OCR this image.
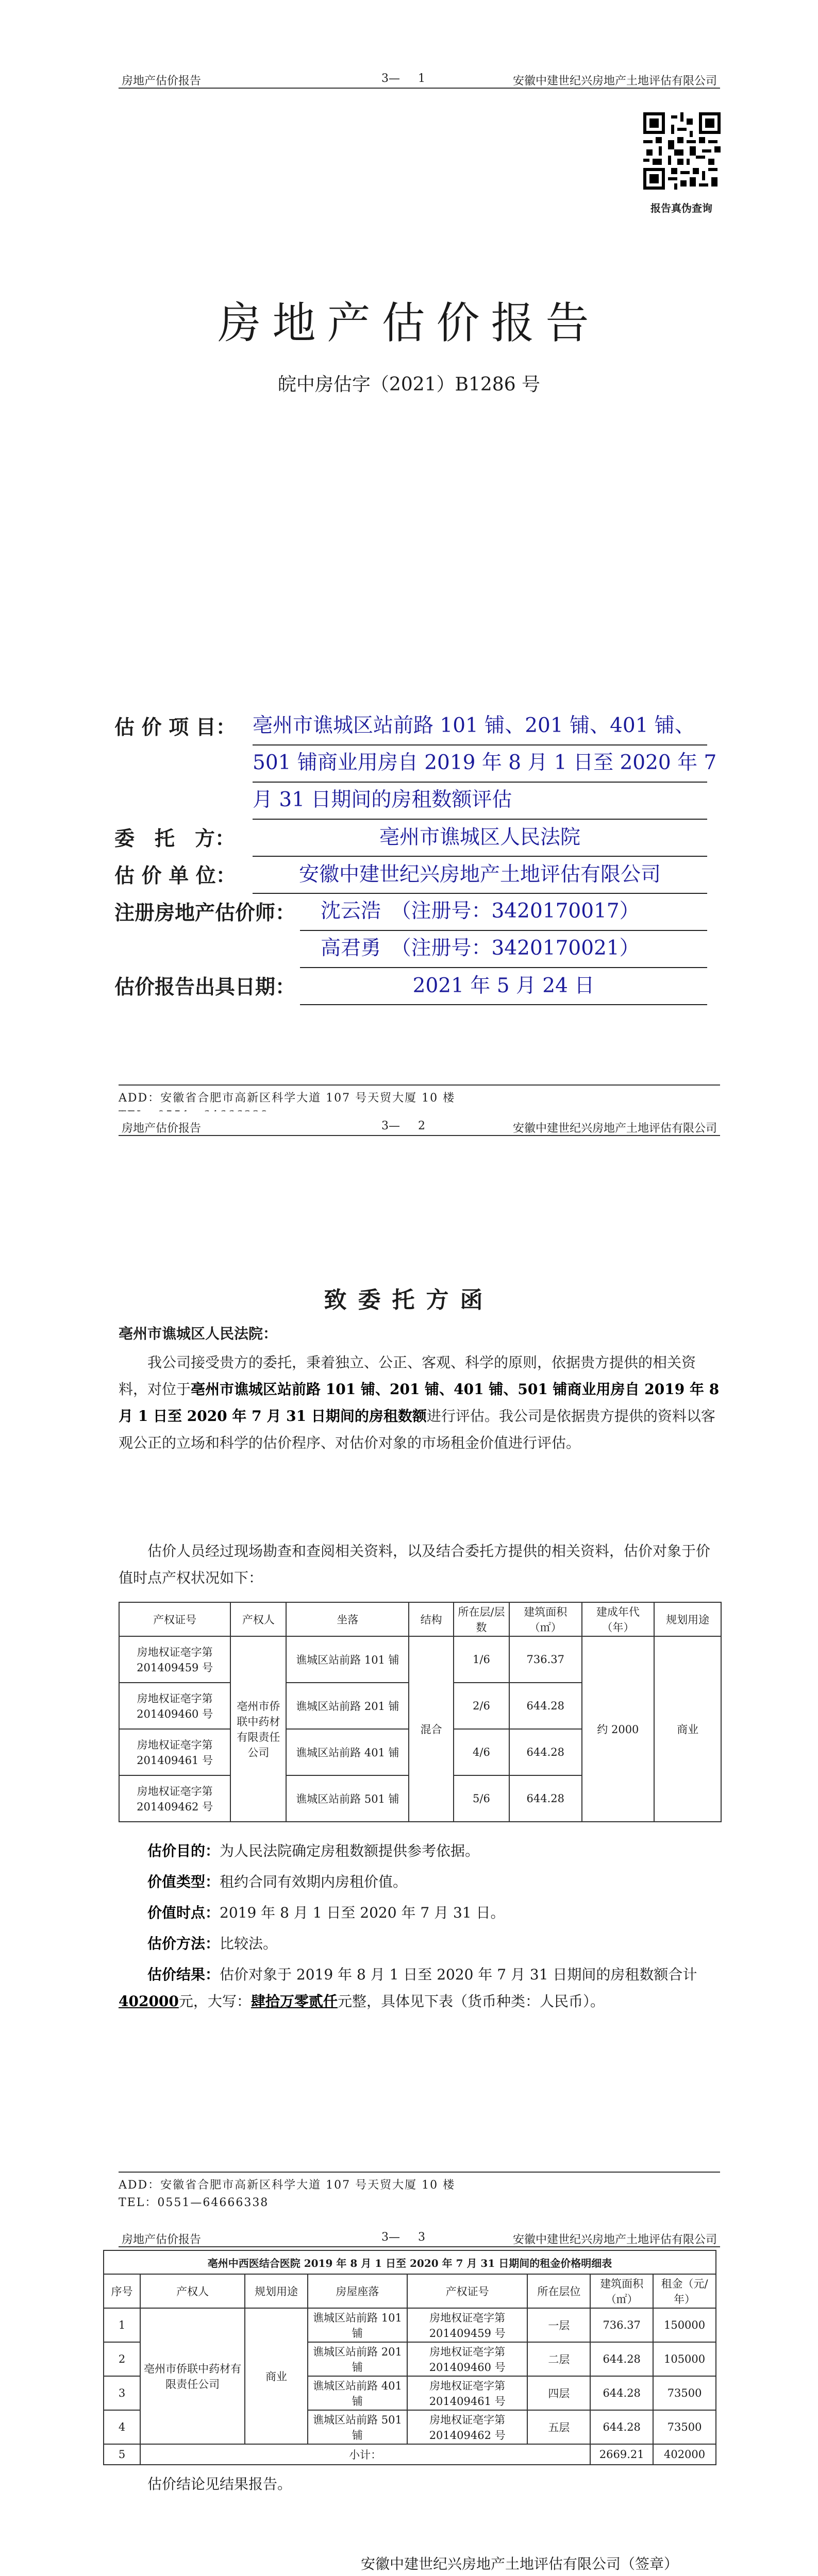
房地产估价报告	3— 1	安徽中建世纪兴房地产土地评估有限公司
报告真伪查询
房地产估价报告
皖中房估字（2021）B1286 号
估 价 项 目： 亳州市谯城区站前路 101 铺、201 铺、401 铺、
501 铺商业用房自 2019 年 8 月 1 日至 2020 年 7
月 31 日期间的房租数额评估
委　托　方：	亳州市谯城区人民法院
估 价 单 位：	安徽中建世纪兴房地产土地评估有限公司
注册房地产估价师：	沈云浩　（注册号：3420170017）
高君勇　（注册号：3420170021）
估价报告出具日期：	2021 年 5 月 24 日
ADD：安徽省合肥市高新区科学大道 107 号天贸大厦 10 楼
房地产估价报告	3— 2	安徽中建世纪兴房地产土地评估有限公司
致委托方函
亳州市谯城区人民法院：
我公司接受贵方的委托，秉着独立、公正、客观、科学的原则，依据贵方提供的相关资料，对位于亳州市谯城区站前路 101 铺、201 铺、401 铺、501 铺商业用房自 2019 年 8 月 1 日至 2020 年 7 月 31 日期间的房租数额进行评估。我公司是依据贵方提供的资料以客观公正的立场和科学的估价程序、对估价对象的市场租金价值进行评估。
估价人员经过现场勘查和查阅相关资料，以及结合委托方提供的相关资料，估价对象于价值时点产权状况如下：
产权证号	产权人	坐落	结构	所在层/层数	建筑面积（㎡）	建成年代（年）	规划用途
房地权证亳字第 201409459 号	亳州市侨联中药材有限责任公司	谯城区站前路 101 铺	混合	1/6	736.37	约 2000	商业
房地权证亳字第 201409460 号		谯城区站前路 201 铺		2/6	644.28		
房地权证亳字第 201409461 号		谯城区站前路 401 铺		4/6	644.28		
房地权证亳字第 201409462 号		谯城区站前路 501 铺		5/6	644.28		
估价目的：为人民法院确定房租数额提供参考依据。
价值类型：租约合同有效期内房租价值。
价值时点：2019 年 8 月 1 日至 2020 年 7 月 31 日。
估价方法：比较法。
估价结果：估价对象于 2019 年 8 月 1 日至 2020 年 7 月 31 日期间的房租数额合计402000元，大写：肆拾万零贰仟元整，具体见下表（货币种类：人民币）。
ADD：安徽省合肥市高新区科学大道 107 号天贸大厦 10 楼
TEL：0551—64666338
房地产估价报告	3— 3	安徽中建世纪兴房地产土地评估有限公司
亳州中西医结合医院 2019 年 8 月 1 日至 2020 年 7 月 31 日期间的租金价格明细表							
序号	产权人	规划用途	房屋座落	产权证号	所在层位	建筑面积（㎡）	租金（元/年）
1	亳州市侨联中药材有限责任公司	商业	谯城区站前路 101 铺	房地权证亳字第 201409459 号	一层	736.37	150000
2			谯城区站前路 201 铺	房地权证亳字第 201409460 号	二层	644.28	105000
3			谯城区站前路 401 铺	房地权证亳字第 201409461 号	四层	644.28	73500
4			谯城区站前路 501 铺	房地权证亳字第 201409462 号	五层	644.28	73500
5	小计：					2669.21	402000
估价结论见结果报告。
安徽中建世纪兴房地产土地评估有限公司（签章）
